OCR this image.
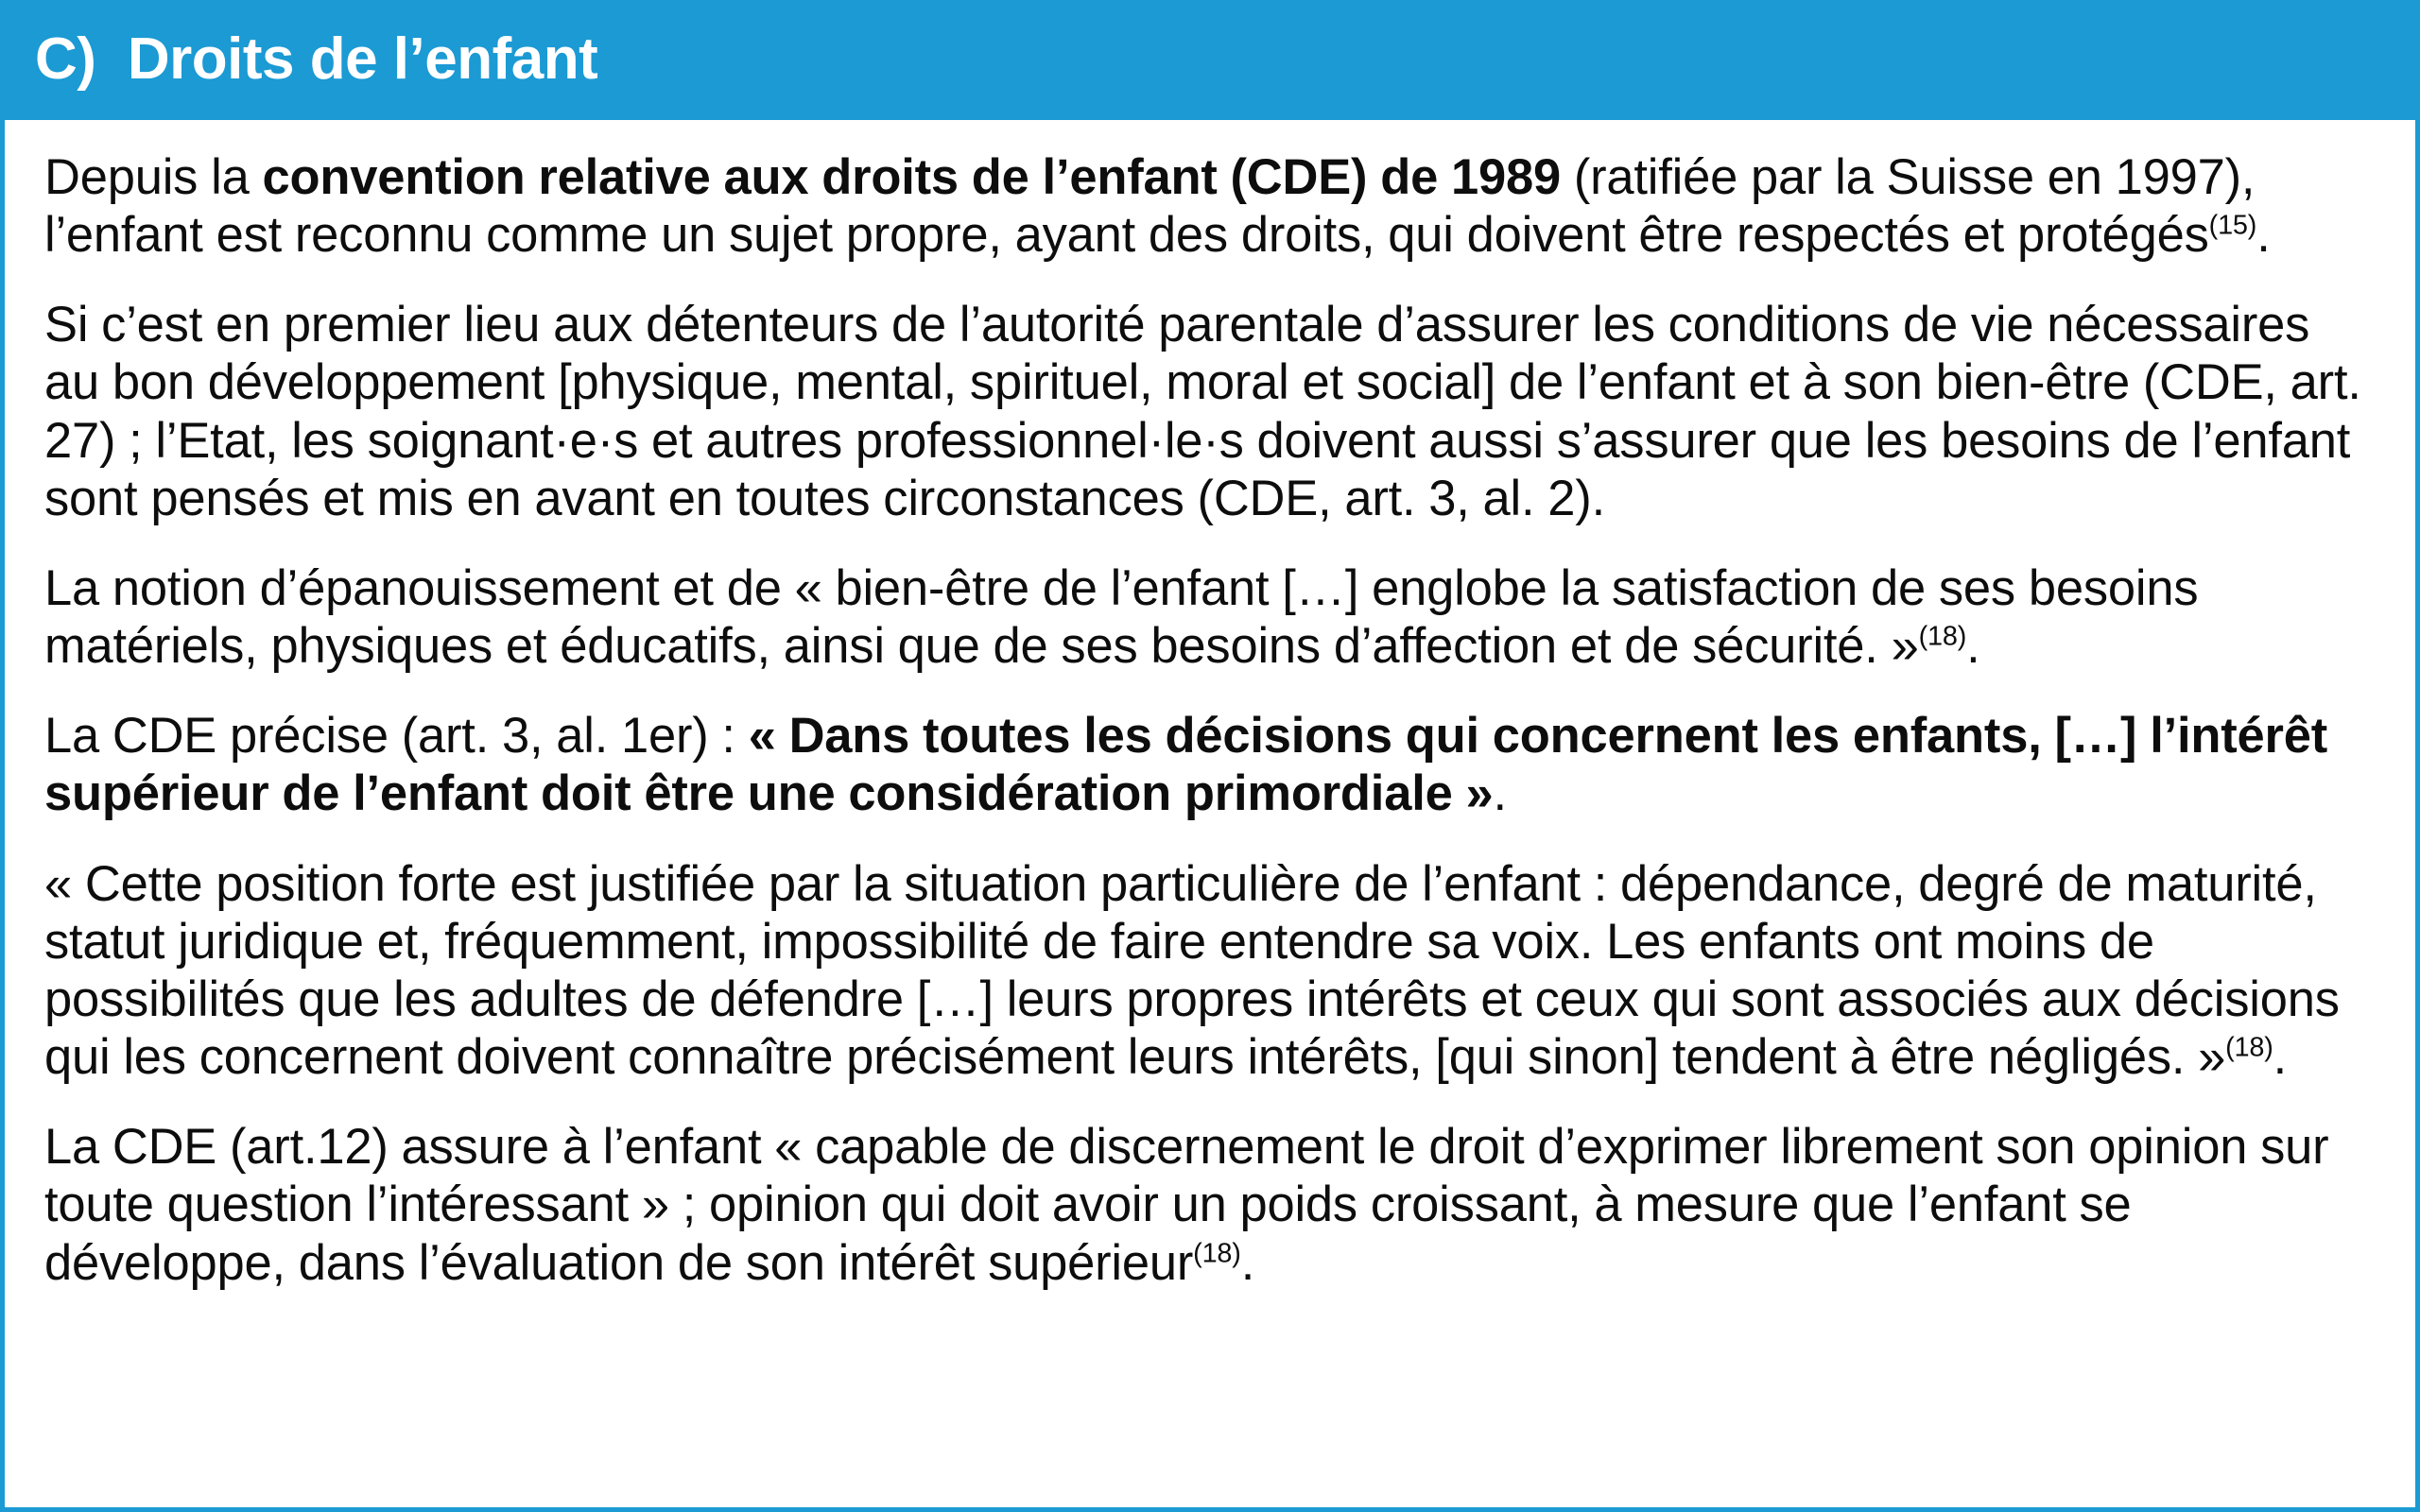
C)  Droits de l’enfant

Depuis la convention relative aux droits de l’enfant (CDE) de 1989 (ratifiée par la Suisse en 1997), l’enfant est reconnu comme un sujet propre, ayant des droits, qui doivent être respectés et protégés$^{(15)}$.

Si c’est en premier lieu aux détenteurs de l’autorité parentale d’assurer les conditions de vie nécessaires au bon développement [physique, mental, spirituel, moral et social] de l’enfant et à son bien-être (CDE, art. 27) ; l’Etat, les soignant·e·s et autres professionnel·le·s doivent aussi s’assurer que les besoins de l’enfant sont pensés et mis en avant en toutes circonstances (CDE, art. 3, al. 2).

La notion d’épanouissement et de « bien-être de l’enfant […] englobe la satisfaction de ses besoins matériels, physiques et éducatifs, ainsi que de ses besoins d’affection et de sécurité. »$^{(18)}$.

La CDE précise (art. 3, al. 1er) : « Dans toutes les décisions qui concernent les enfants, […] l’intérêt supérieur de l’enfant doit être une considération primordiale ».

« Cette position forte est justifiée par la situation particulière de l’enfant : dépendance, degré de maturité, statut juridique et, fréquemment, impossibilité de faire entendre sa voix. Les enfants ont moins de possibilités que les adultes de défendre […] leurs propres intérêts et ceux qui sont associés aux décisions qui les concernent doivent connaître précisément leurs intérêts, [qui sinon] tendent à être négligés. »$^{(18)}$.

La CDE (art.12) assure à l’enfant « capable de discernement le droit d’exprimer librement son opinion sur toute question l’intéressant » ; opinion qui doit avoir un poids croissant, à mesure que l’enfant se développe, dans l’évaluation de son intérêt supérieur$^{(18)}$.
